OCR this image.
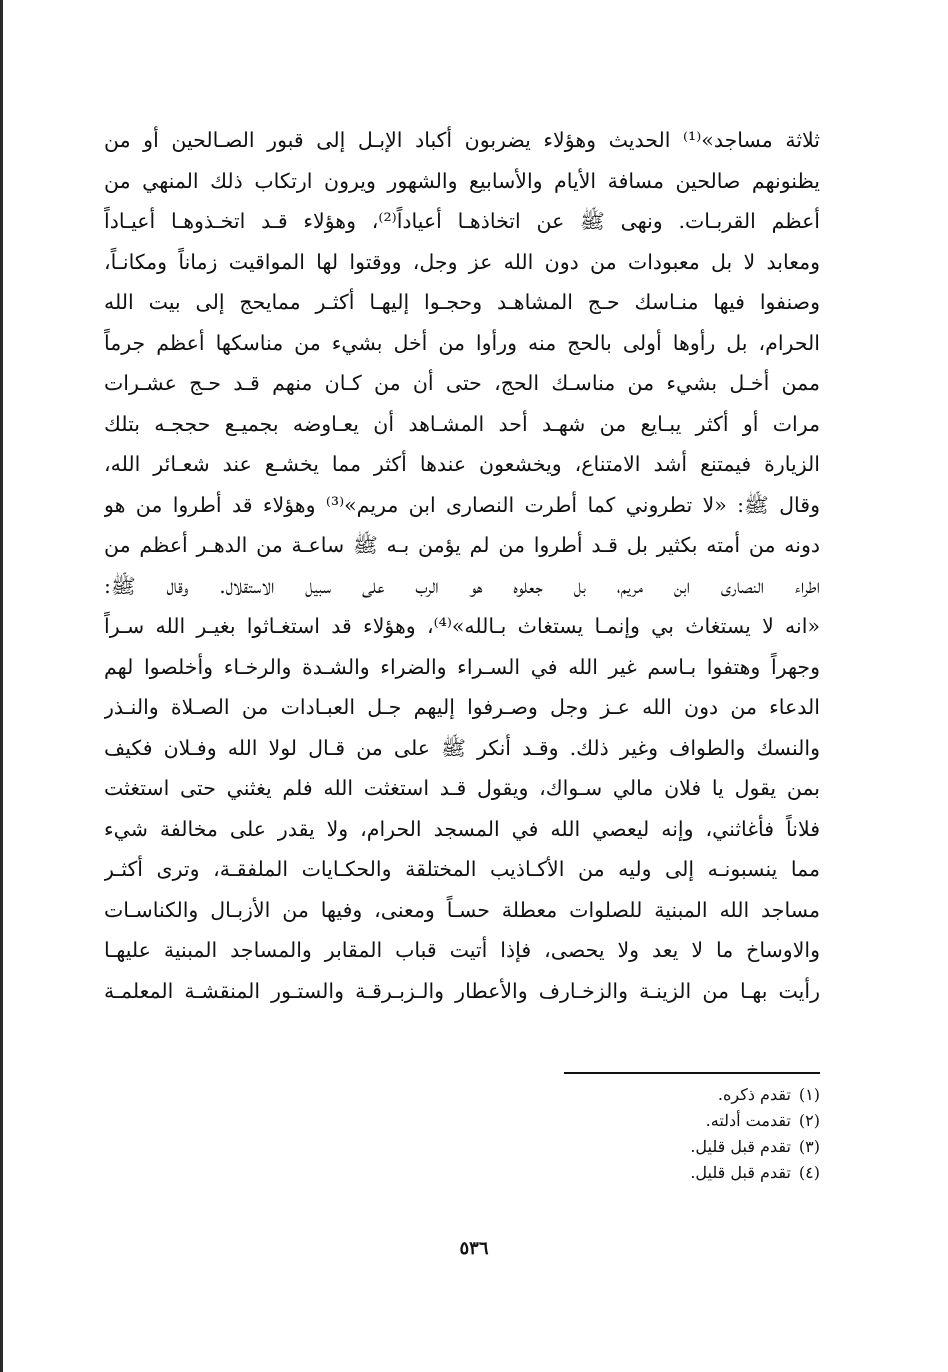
ثلاثة مساجد»⁽¹⁾ الحديث وهؤلاء يضربون أكباد الإبـل إلى قبور الصـالحين أو من
يظنونهم صالحين مسافة الأيام والأسابيع والشهور ويرون ارتكاب ذلك المنهي من
أعظم القربـات. ونهى ﷺ عن اتخاذهـا أعياداً⁽²⁾، وهؤلاء قـد اتخـذوهـا أعيـاداً
ومعابد لا بل معبودات من دون الله عز وجل، ووقتوا لها المواقيت زماناً ومكانـاً،
وصنفوا فيها منـاسك حـج المشاهـد وحجـوا إليهـا أكثـر ممايحج إلى بيت الله
الحرام، بل رأوها أولى بالحج منه ورأوا من أخل بشيء من مناسكها أعظم جرماً
ممن أخـل بشيء من مناسـك الحج، حتى أن من كـان منهم قـد حـج عشـرات
مرات أو أكثر يبـايع من شهـد أحد المشـاهد أن يعـاوضه بجميـع حججـه بتلك
الزيارة فيمتنع أشد الامتناع، ويخشعون عندها أكثر مما يخشـع عند شعـائر الله،
وقال ﷺ: «لا تطروني كما أطرت النصارى ابن مريم»⁽³⁾ وهؤلاء قد أطروا من هو
دونه من أمته بكثير بل قـد أطروا من لم يؤمن بـه ﷺ ساعـة من الدهـر أعظم من
اطراء النصارى ابن مريم، بل جعلوه هو الرب على سبيل الاستقلال. وقال ﷺ:
«انه لا يستغاث بي وإنمـا يستغاث بـالله»⁽⁴⁾، وهؤلاء قد استغـاثوا بغيـر الله سـراً
وجهراً وهتفوا بـاسم غير الله في السـراء والضراء والشـدة والرخـاء وأخلصوا لهم
الدعاء من دون الله عـز وجل وصـرفوا إليهم جـل العبـادات من الصـلاة والنـذر
والنسك والطواف وغير ذلك. وقـد أنكر ﷺ على من قـال لولا الله وفـلان فكيف
بمن يقول يا فلان مالي سـواك، ويقول قـد استغثت الله فلم يغثني حتى استغثت
فلاناً فأغاثني، وإنه ليعصي الله في المسجد الحرام، ولا يقدر على مخالفة شيء
مما ينسبونـه إلى وليه من الأكـاذيب المختلقة والحكـايات الملفقـة، وترى أكثـر
مساجد الله المبنية للصلوات معطلة حسـاً ومعنى، وفيها من الأزبـال والكناسـات
والاوساخ ما لا يعد ولا يحصى، فإذا أتيت قباب المقابر والمساجد المبنية عليهـا
رأيت بهـا من الزينـة والزخـارف والأعطار والـزبـرقـة والستـور المنقشـة المعلمـة
(١)تقدم ذكره.
(٢)تقدمت أدلته.
(٣)تقدم قبل قليل.
(٤)تقدم قبل قليل.
٥٣٦
